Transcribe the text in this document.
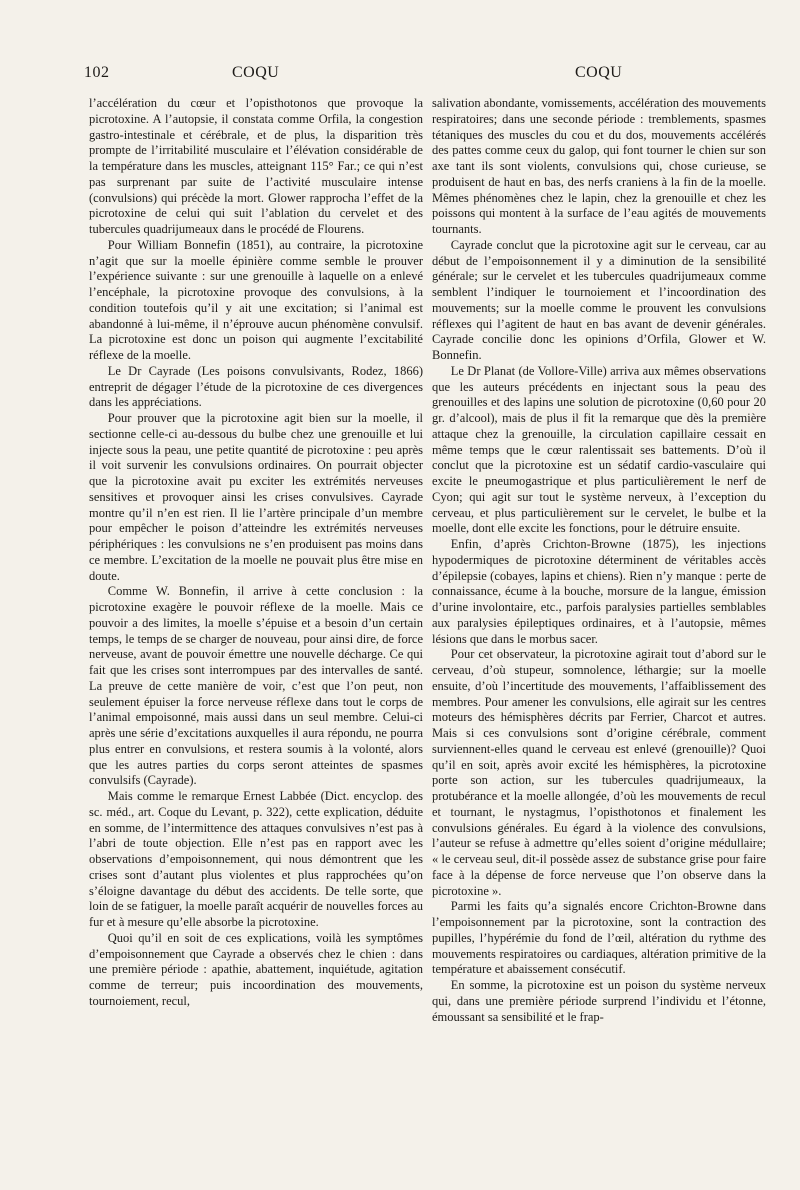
102	COQU	COQU

l’accélération du cœur et l’opisthotonos que provoque la picrotoxine. A l’autopsie, il constata comme Orfila, la congestion gastro-intestinale et cérébrale, et de plus, la disparition très prompte de l’irritabilité musculaire et l’élévation considérable de la température dans les muscles, atteignant 115° Far.; ce qui n’est pas surprenant par suite de l’activité musculaire intense (convulsions) qui précède la mort. Glower rapprocha l’effet de la picrotoxine de celui qui suit l’ablation du cervelet et des tubercules quadrijumeaux dans le procédé de Flourens.

Pour William Bonnefin (1851), au contraire, la picrotoxine n’agit que sur la moelle épinière comme semble le prouver l’expérience suivante : sur une grenouille à laquelle on a enlevé l’encéphale, la picrotoxine provoque des convulsions, à la condition toutefois qu’il y ait une excitation; si l’animal est abandonné à lui-même, il n’éprouve aucun phénomène convulsif. La picrotoxine est donc un poison qui augmente l’excitabilité réflexe de la moelle.

Le Dr Cayrade (Les poisons convulsivants, Rodez, 1866) entreprit de dégager l’étude de la picrotoxine de ces divergences dans les appréciations.

Pour prouver que la picrotoxine agit bien sur la moelle, il sectionne celle-ci au-dessous du bulbe chez une grenouille et lui injecte sous la peau, une petite quantité de picrotoxine : peu après il voit survenir les convulsions ordinaires. On pourrait objecter que la picrotoxine avait pu exciter les extrémités nerveuses sensitives et provoquer ainsi les crises convulsives. Cayrade montre qu’il n’en est rien. Il lie l’artère principale d’un membre pour empêcher le poison d’atteindre les extrémités nerveuses périphériques : les convulsions ne s’en produisent pas moins dans ce membre. L’excitation de la moelle ne pouvait plus être mise en doute.

Comme W. Bonnefin, il arrive à cette conclusion : la picrotoxine exagère le pouvoir réflexe de la moelle. Mais ce pouvoir a des limites, la moelle s’épuise et a besoin d’un certain temps, le temps de se charger de nouveau, pour ainsi dire, de force nerveuse, avant de pouvoir émettre une nouvelle décharge. Ce qui fait que les crises sont interrompues par des intervalles de santé. La preuve de cette manière de voir, c’est que l’on peut, non seulement épuiser la force nerveuse réflexe dans tout le corps de l’animal empoisonné, mais aussi dans un seul membre. Celui-ci après une série d’excitations auxquelles il aura répondu, ne pourra plus entrer en convulsions, et restera soumis à la volonté, alors que les autres parties du corps seront atteintes de spasmes convulsifs (Cayrade).

Mais comme le remarque Ernest Labbée (Dict. encyclop. des sc. méd., art. Coque du Levant, p. 322), cette explication, déduite en somme, de l’intermittence des attaques convulsives n’est pas à l’abri de toute objection. Elle n’est pas en rapport avec les observations d’empoisonnement, qui nous démontrent que les crises sont d’autant plus violentes et plus rapprochées qu’on s’éloigne davantage du début des accidents. De telle sorte, que loin de se fatiguer, la moelle paraît acquérir de nouvelles forces au fur et à mesure qu’elle absorbe la picrotoxine.

Quoi qu’il en soit de ces explications, voilà les symptômes d’empoisonnement que Cayrade a observés chez le chien : dans une première période : apathie, abattement, inquiétude, agitation comme de terreur; puis incoordination des mouvements, tournoiement, recul,

salivation abondante, vomissements, accélération des mouvements respiratoires; dans une seconde période : tremblements, spasmes tétaniques des muscles du cou et du dos, mouvements accélérés des pattes comme ceux du galop, qui font tourner le chien sur son axe tant ils sont violents, convulsions qui, chose curieuse, se produisent de haut en bas, des nerfs craniens à la fin de la moelle. Mêmes phénomènes chez le lapin, chez la grenouille et chez les poissons qui montent à la surface de l’eau agités de mouvements tournants.

Cayrade conclut que la picrotoxine agit sur le cerveau, car au début de l’empoisonnement il y a diminution de la sensibilité générale; sur le cervelet et les tubercules quadrijumeaux comme semblent l’indiquer le tournoiement et l’incoordination des mouvements; sur la moelle comme le prouvent les convulsions réflexes qui l’agitent de haut en bas avant de devenir générales. Cayrade concilie donc les opinions d’Orfila, Glower et W. Bonnefin.

Le Dr Planat (de Vollore-Ville) arriva aux mêmes observations que les auteurs précédents en injectant sous la peau des grenouilles et des lapins une solution de picrotoxine (0,60 pour 20 gr. d’alcool), mais de plus il fit la remarque que dès la première attaque chez la grenouille, la circulation capillaire cessait en même temps que le cœur ralentissait ses battements. D’où il conclut que la picrotoxine est un sédatif cardio-vasculaire qui excite le pneumogastrique et plus particulièrement le nerf de Cyon; qui agit sur tout le système nerveux, à l’exception du cerveau, et plus particulièrement sur le cervelet, le bulbe et la moelle, dont elle excite les fonctions, pour le détruire ensuite.

Enfin, d’après Crichton-Browne (1875), les injections hypodermiques de picrotoxine déterminent de véritables accès d’épilepsie (cobayes, lapins et chiens). Rien n’y manque : perte de connaissance, écume à la bouche, morsure de la langue, émission d’urine involontaire, etc., parfois paralysies partielles semblables aux paralysies épileptiques ordinaires, et à l’autopsie, mêmes lésions que dans le morbus sacer.

Pour cet observateur, la picrotoxine agirait tout d’abord sur le cerveau, d’où stupeur, somnolence, léthargie; sur la moelle ensuite, d’où l’incertitude des mouvements, l’affaiblissement des membres. Pour amener les convulsions, elle agirait sur les centres moteurs des hémisphères décrits par Ferrier, Charcot et autres. Mais si ces convulsions sont d’origine cérébrale, comment surviennent-elles quand le cerveau est enlevé (grenouille)? Quoi qu’il en soit, après avoir excité les hémisphères, la picrotoxine porte son action, sur les tubercules quadrijumeaux, la protubérance et la moelle allongée, d’où les mouvements de recul et tournant, le nystagmus, l’opisthotonos et finalement les convulsions générales. Eu égard à la violence des convulsions, l’auteur se refuse à admettre qu’elles soient d’origine médullaire; « le cerveau seul, dit-il possède assez de substance grise pour faire face à la dépense de force nerveuse que l’on observe dans la picrotoxine ».

Parmi les faits qu’a signalés encore Crichton-Browne dans l’empoisonnement par la picrotoxine, sont la contraction des pupilles, l’hypérémie du fond de l’œil, altération du rythme des mouvements respiratoires ou cardiaques, altération primitive de la température et abaissement consécutif.

En somme, la picrotoxine est un poison du système nerveux qui, dans une première période surprend l’individu et l’étonne, émoussant sa sensibilité et le frap-
